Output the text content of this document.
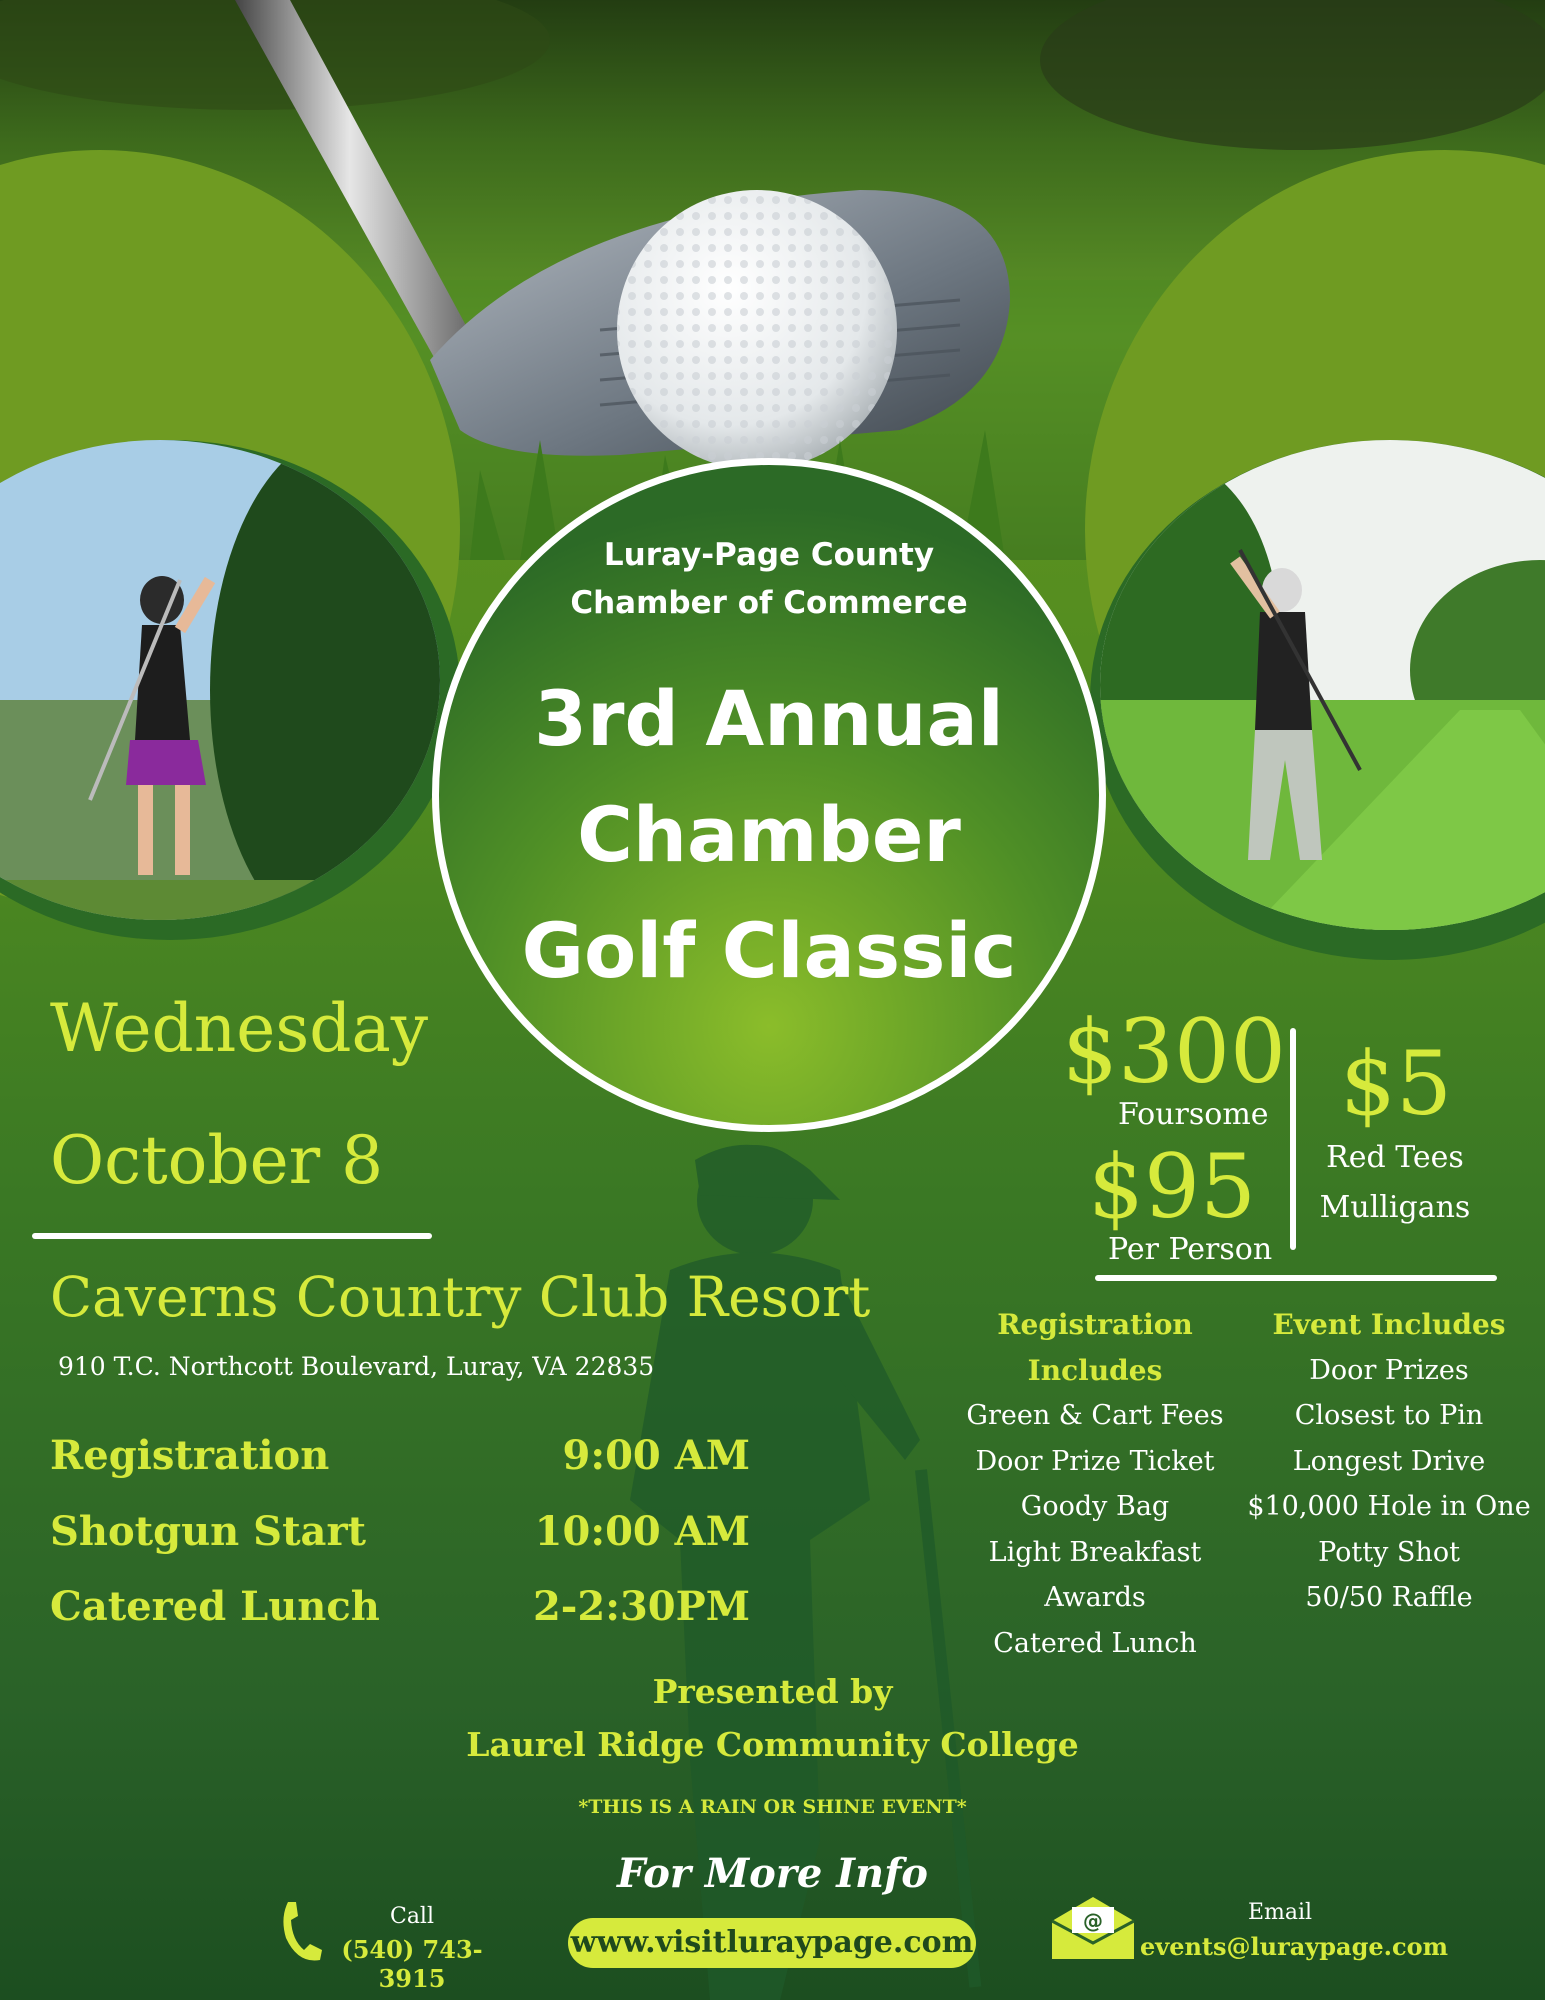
Luray-Page County
Chamber of Commerce
3rd Annual
Chamber
Golf Classic
Wednesday
October 8
Caverns Country Club Resort
910 T.C. Northcott Boulevard, Luray, VA 22835
Registration	9:00 AM
Shotgun Start	10:00 AM
Catered Lunch	2-2:30PM
$300
Foursome
$95
Per Person
$5
Red Tees
Mulligans
Registration Includes
Green & Cart Fees
Door Prize Ticket
Goody Bag
Light Breakfast
Awards
Catered Lunch
Event Includes
Door Prizes
Closest to Pin
Longest Drive
$10,000 Hole in One
Potty Shot
50/50 Raffle
Presented by
Laurel Ridge Community College
*THIS IS A RAIN OR SHINE EVENT*
For More Info
Call
(540) 743-3915
www.visitluraypage.com
@	Email
events@luraypage.com
